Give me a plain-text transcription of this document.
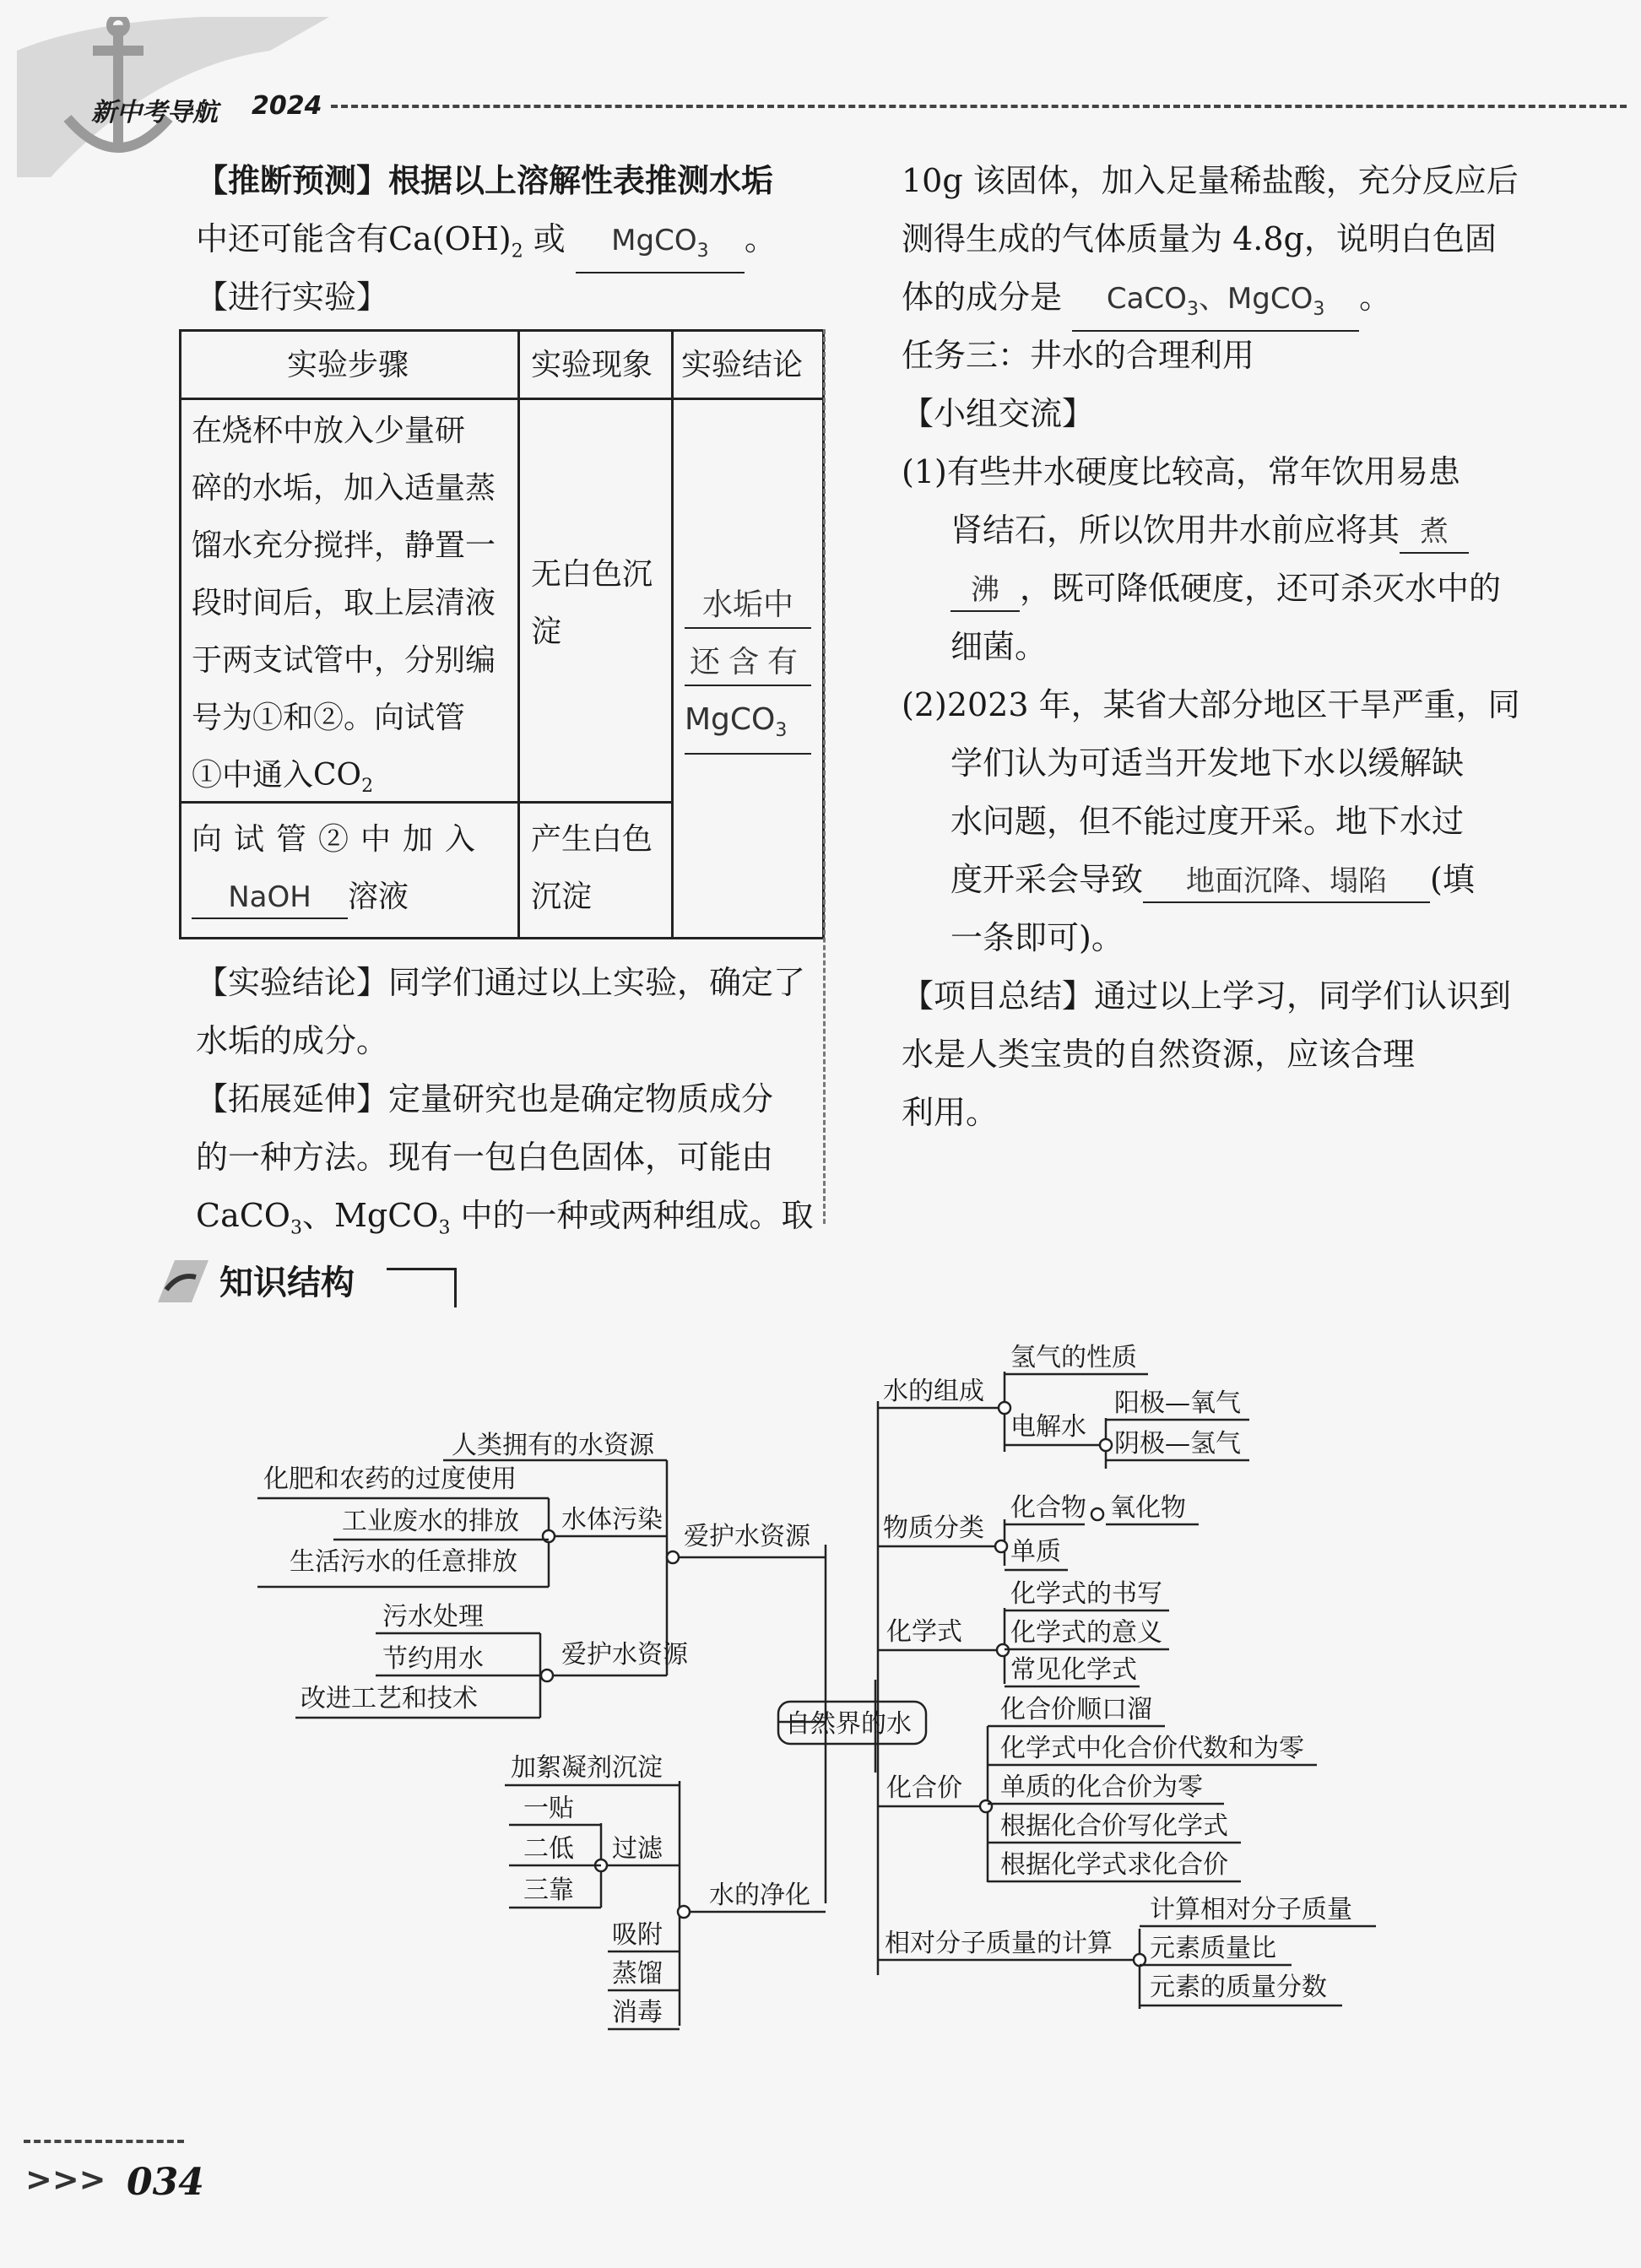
新中考导航 2024
【推断预测】根据以上溶解性表推测水垢
中还可能含有$Ca(OH)_2$ 或 MgCO$_3$ 。
【进行实验】
实验步骤	实验现象 实验结论
在烧杯中放入少量研
碎的水垢，加入适量蒸
馏水充分搅拌，静置一
段时间后，取上层清液
于两支试管中，分别编
号为①和②。向试管
①中通入$CO_2$
无白色沉
淀
水垢中
还含有
MgCO$_3$
向试管②中加入
NaOH 溶液
产生白色
沉淀
【实验结论】同学们通过以上实验，确定了
水垢的成分。
【拓展延伸】定量研究也是确定物质成分
的一种方法。现有一包白色固体，可能由
CaCO$_3$、MgCO$_3$ 中的一种或两种组成。取
10g 该固体，加入足量稀盐酸，充分反应后
测得生成的气体质量为 4.8g，说明白色固
体的成分是 CaCO$_3$、MgCO$_3$ 。
任务三：井水的合理利用
【小组交流】
(1)有些井水硬度比较高，常年饮用易患
肾结石，所以饮用井水前应将其 煮
沸 ，既可降低硬度，还可杀灭水中的
细菌。
(2)2023 年，某省大部分地区干旱严重，同
学们认为可适当开发地下水以缓解缺
水问题，但不能过度开采。地下水过
度开采会导致 地面沉降、塌陷 (填
一条即可)。
【项目总结】通过以上学习，同学们认识到
水是人类宝贵的自然资源，应该合理
利用。
知识结构
自然界的水
爱护水资源
人类拥有的水资源
水体污染
化肥和农药的过度使用
工业废水的排放
生活污水的任意排放
爱护水资源
污水处理
节约用水
改进工艺和技术
水的净化
加絮凝剂沉淀
过滤
一贴
二低
三靠
吸附
蒸馏
消毒
水的组成
氢气的性质
电解水
阳极—氧气
阴极—氢气
物质分类
化合物 氧化物
单质
化学式
化学式的书写
化学式的意义
常见化学式
化合价
化合价顺口溜
化学式中化合价代数和为零
单质的化合价为零
根据化合价写化学式
根据化学式求化合价
相对分子质量的计算
计算相对分子质量
元素质量比
元素的质量分数
>>> 034
